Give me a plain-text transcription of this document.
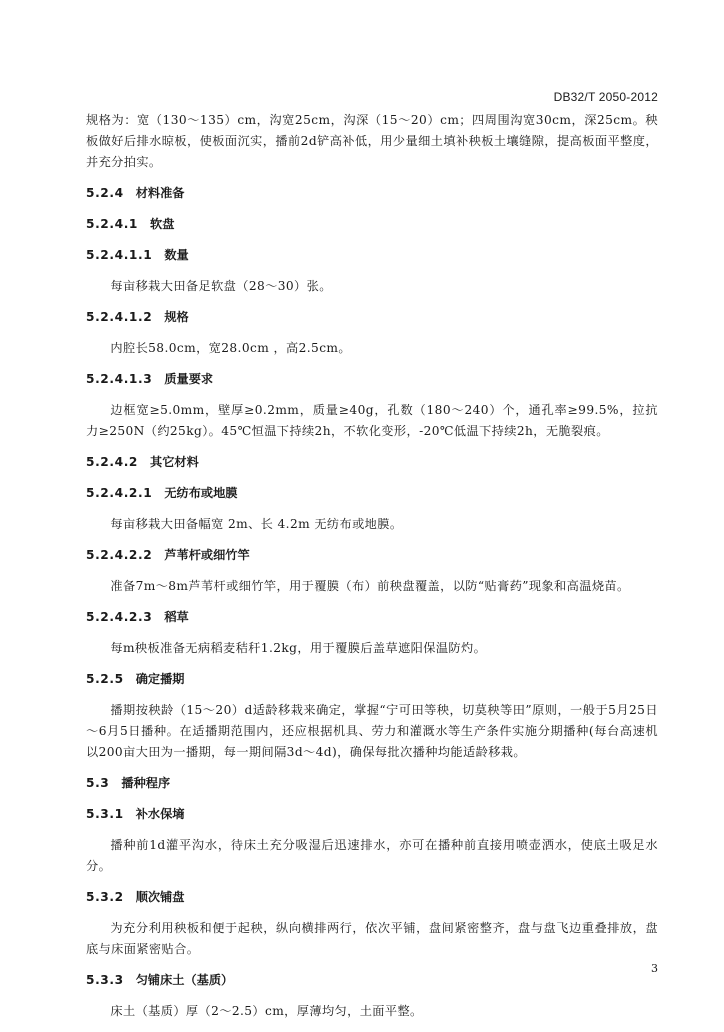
DB32/T 2050-2012

规格为：宽（130～135）cm，沟宽25cm，沟深（15～20）cm；四周围沟宽30cm，深25cm。秧板做好后排水晾板，使板面沉实，播前2d铲高补低，用少量细土填补秧板土壤缝隙，提高板面平整度，并充分拍实。

5.2.4 材料准备
5.2.4.1 软盘
5.2.4.1.1 数量

每亩移栽大田备足软盘（28～30）张。

5.2.4.1.2 规格

内腔长58.0cm，宽28.0cm ，高2.5cm。

5.2.4.1.3 质量要求

边框宽≥5.0mm，壁厚≥0.2mm，质量≥40g，孔数（180～240）个，通孔率≥99.5%，拉抗力≥250N（约25kg）。45℃恒温下持续2h，不软化变形，-20℃低温下持续2h，无脆裂痕。

5.2.4.2 其它材料
5.2.4.2.1 无纺布或地膜

每亩移栽大田备幅宽 2m、长 4.2m 无纺布或地膜。

5.2.4.2.2 芦苇杆或细竹竿

准备7m～8m芦苇杆或细竹竿，用于覆膜（布）前秧盘覆盖，以防“贴膏药”现象和高温烧苗。

5.2.4.2.3 稻草

每m秧板准备无病稻麦秸秆1.2kg，用于覆膜后盖草遮阳保温防灼。

5.2.5 确定播期

播期按秧龄（15～20）d适龄移栽来确定，掌握“宁可田等秧，切莫秧等田”原则，一般于5月25日～6月5日播种。在适播期范围内，还应根据机具、劳力和灌溉水等生产条件实施分期播种(每台高速机以200亩大田为一播期，每一期间隔3d～4d)，确保每批次播种均能适龄移栽。

5.3 播种程序
5.3.1 补水保墒

播种前1d灌平沟水，待床土充分吸湿后迅速排水，亦可在播种前直接用喷壶洒水，使底土吸足水分。

5.3.2 顺次铺盘

为充分利用秧板和便于起秧，纵向横排两行，依次平铺，盘间紧密整齐，盘与盘飞边重叠排放，盘底与床面紧密贴合。

5.3.3 匀铺床土（基质）

床土（基质）厚（2～2.5）cm，厚薄均匀，土面平整。

3
